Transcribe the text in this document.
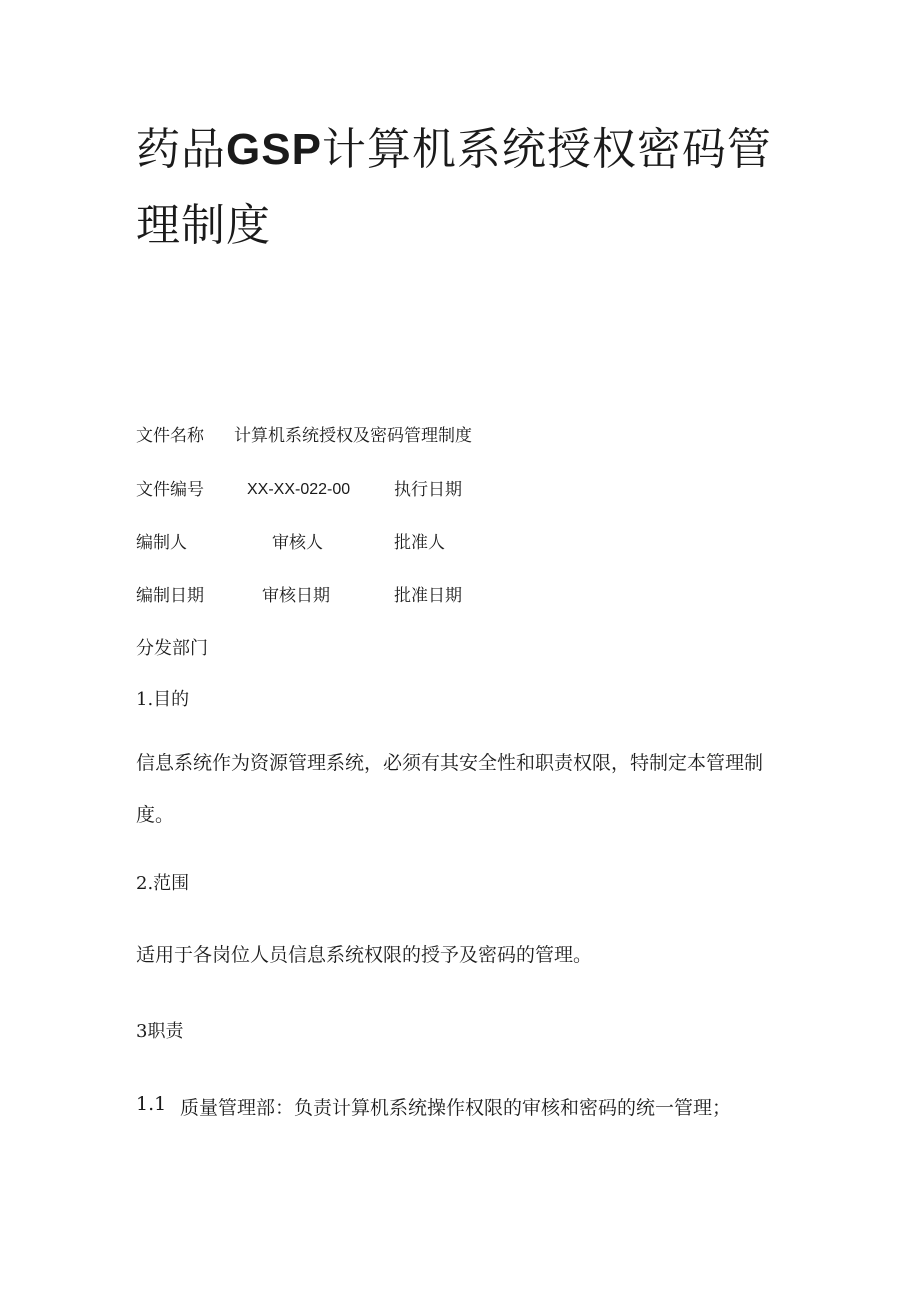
药品GSP计算机系统授权密码管理制度
文件名称 计算机系统授权及密码管理制度
文件编号	XX-XX-022-00	执行日期
编制人	审核人	批准人
编制日期	审核日期	批准日期
分发部门
1.目的

信息系统作为资源管理系统，必须有其安全性和职责权限，特制定本管理制度。

2.范围
适用于各岗位人员信息系统权限的授予及密码的管理。
3职责
1.1 质量管理部：负责计算机系统操作权限的审核和密码的统一管理；
